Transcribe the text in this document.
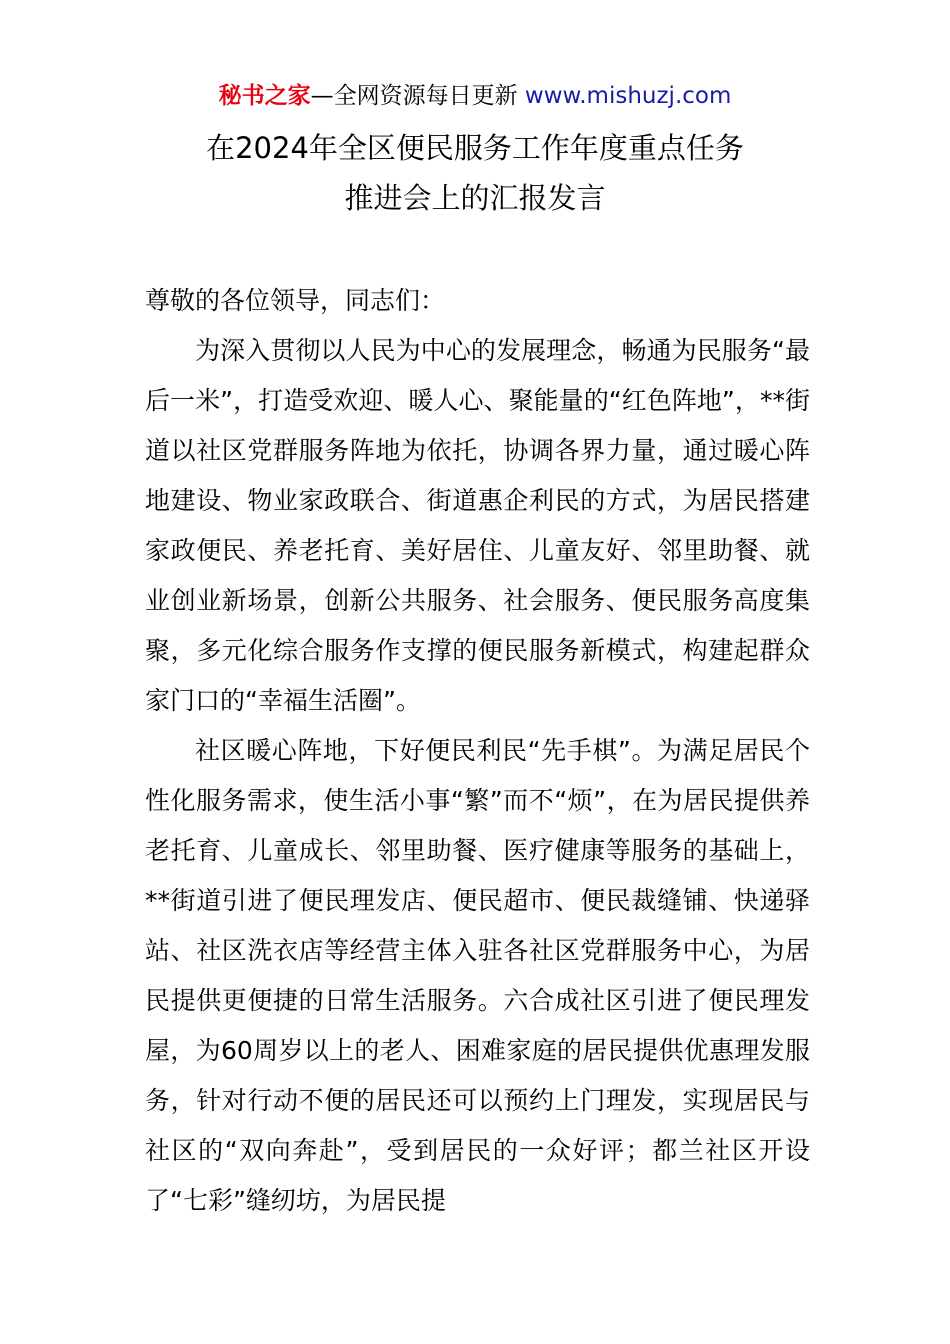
秘书之家—全网资源每日更新 www.mishuzj.com
在2024年全区便民服务工作年度重点任务
推进会上的汇报发言

尊敬的各位领导，同志们：

为深入贯彻以人民为中心的发展理念，畅通为民服务“最后一米”，打造受欢迎、暖人心、聚能量的“红色阵地”，**街道以社区党群服务阵地为依托，协调各界力量，通过暖心阵地建设、物业家政联合、街道惠企利民的方式，为居民搭建家政便民、养老托育、美好居住、儿童友好、邻里助餐、就业创业新场景，创新公共服务、社会服务、便民服务高度集聚，多元化综合服务作支撑的便民服务新模式，构建起群众家门口的“幸福生活圈”。

社区暖心阵地，下好便民利民“先手棋”。为满足居民个性化服务需求，使生活小事“繁”而不“烦”，在为居民提供养老托育、儿童成长、邻里助餐、医疗健康等服务的基础上，**街道引进了便民理发店、便民超市、便民裁缝铺、快递驿站、社区洗衣店等经营主体入驻各社区党群服务中心，为居民提供更便捷的日常生活服务。六合成社区引进了便民理发屋，为60周岁以上的老人、困难家庭的居民提供优惠理发服务，针对行动不便的居民还可以预约上门理发，实现居民与社区的“双向奔赴”，受到居民的一众好评；都兰社区开设了“七彩”缝纫坊，为居民提
